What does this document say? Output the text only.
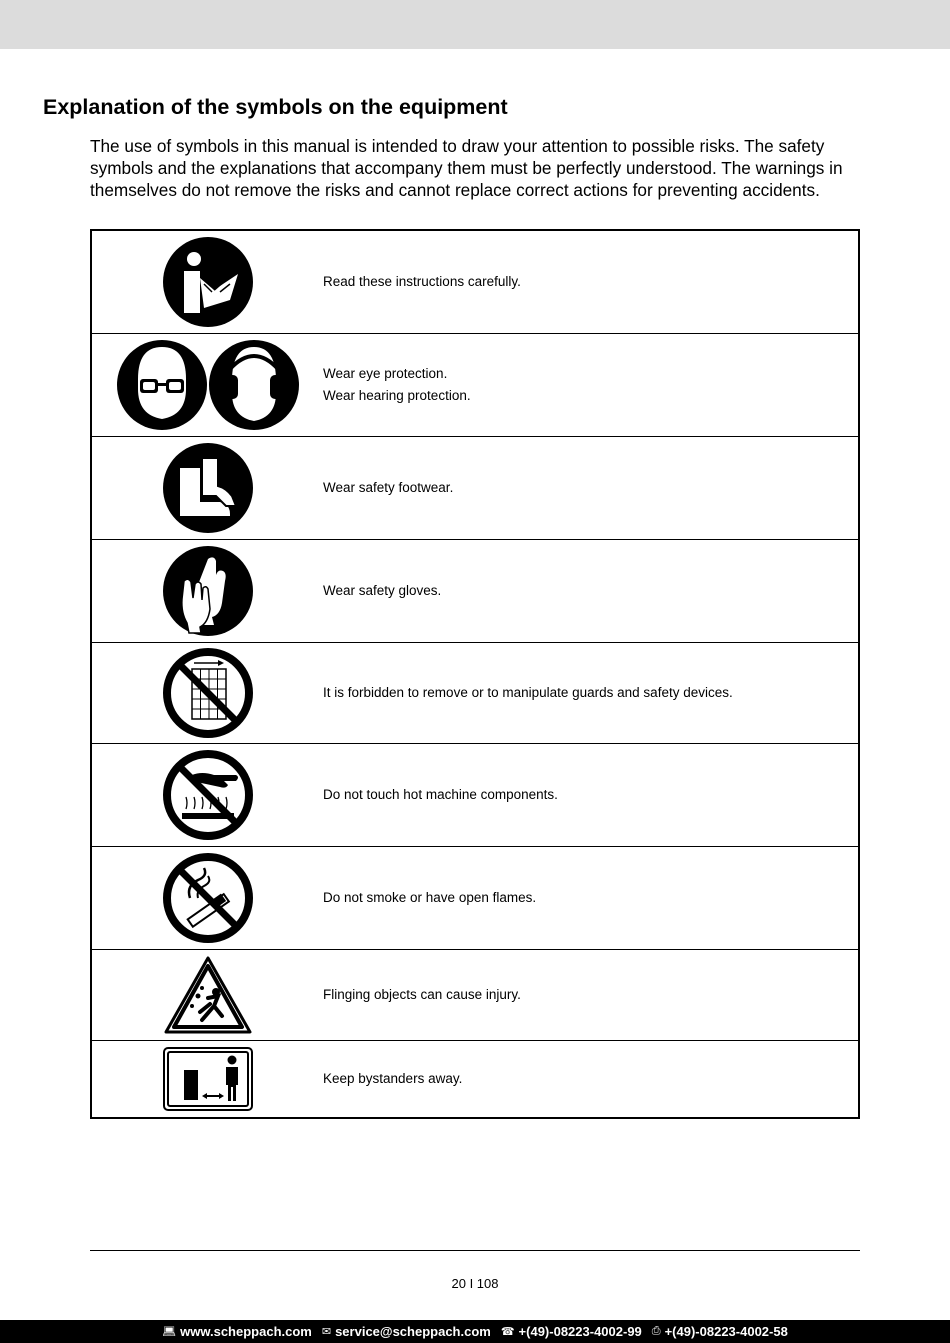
Explanation of the symbols on the equipment

The use of symbols in this manual is intended to draw your attention to possible risks. The safety symbols and the explanations that accompany them must be perfectly understood. The warnings in themselves do not remove the risks and cannot replace correct actions for preventing accidents.

Read these instructions carefully.

Wear eye protection.
Wear hearing protection.

Wear safety footwear.

Wear safety gloves.

It is forbidden to remove or to manipulate guards and safety devices.

Do not touch hot machine components.

Do not smoke or have open flames.

Flinging objects can cause injury.

Keep bystanders away.
20 I 108
💻︎ www.scheppach.com ✉ service@scheppach.com ☎ +(49)-08223-4002-99 ⎙ +(49)-08223-4002-58
